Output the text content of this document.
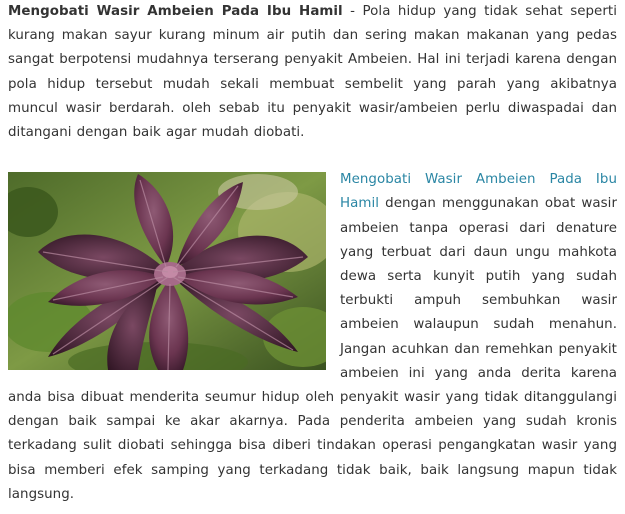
Mengobati Wasir Ambeien Pada Ibu Hamil - Pola hidup yang tidak sehat seperti kurang makan sayur kurang minum air putih dan sering makan makanan yang pedas sangat berpotensi mudahnya terserang penyakit Ambeien. Hal ini terjadi karena dengan pola hidup tersebut mudah sekali membuat sembelit yang parah yang akibatnya muncul wasir berdarah. oleh sebab itu penyakit wasir/ambeien perlu diwaspadai dan ditangani dengan baik agar mudah diobati.

Mengobati Wasir Ambeien Pada Ibu Hamil dengan menggunakan obat wasir ambeien tanpa operasi dari denature yang terbuat dari daun ungu mahkota dewa serta kunyit putih yang sudah terbukti ampuh sembuhkan wasir ambeien walaupun sudah menahun. Jangan acuhkan dan remehkan penyakit ambeien ini yang anda derita karena anda bisa dibuat menderita seumur hidup oleh penyakit wasir yang tidak ditanggulangi dengan baik sampai ke akar akarnya. Pada penderita ambeien yang sudah kronis terkadang sulit diobati sehingga bisa diberi tindakan operasi pengangkatan wasir yang bisa memberi efek samping yang terkadang tidak baik, baik langsung mapun tidak langsung.
